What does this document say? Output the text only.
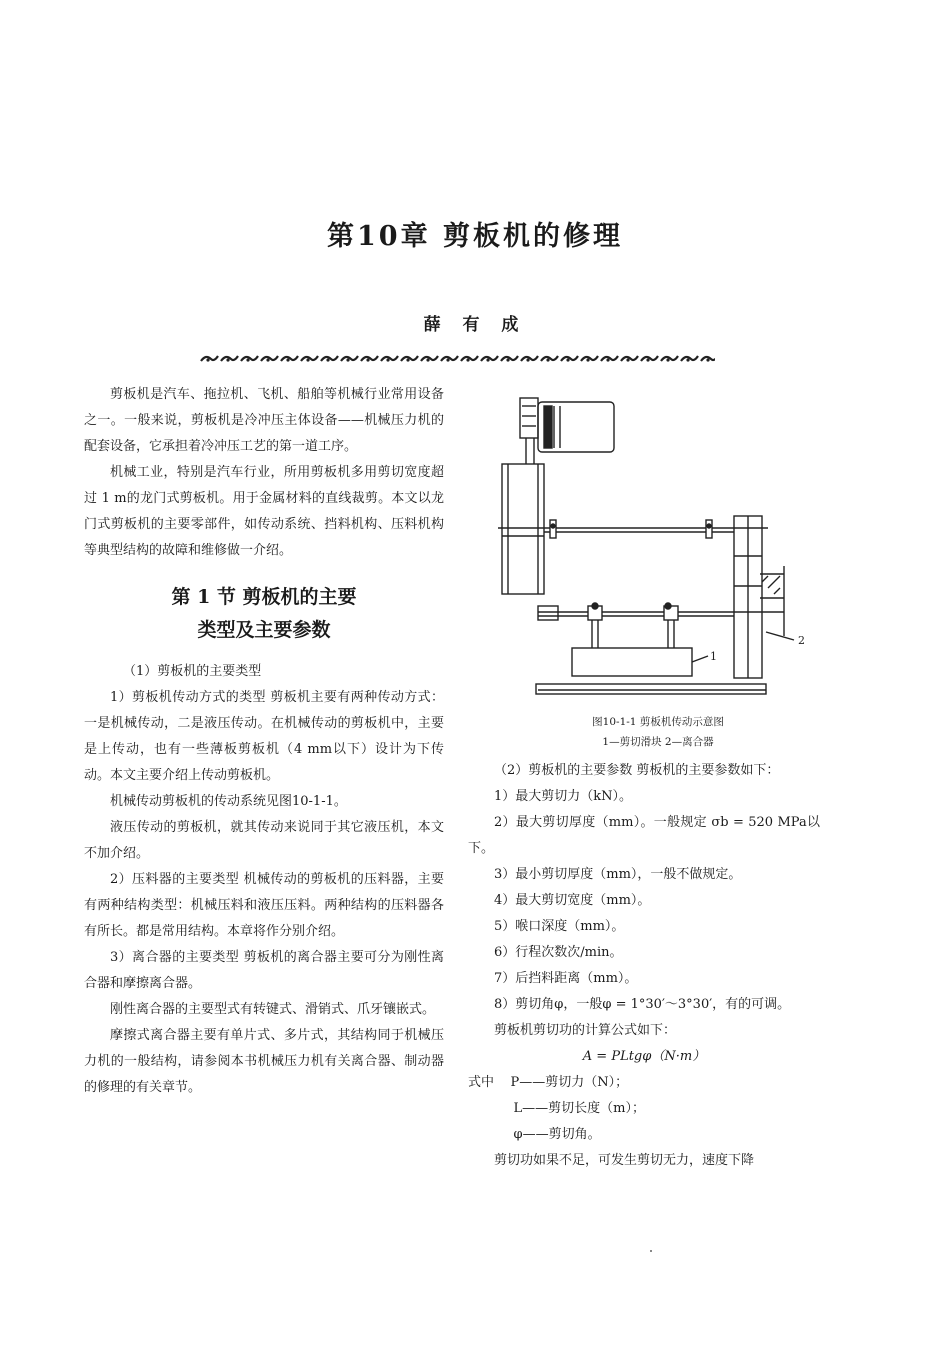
第10章 剪板机的修理
薛 有 成

剪板机是汽车、拖拉机、飞机、船舶等机械行业常用设备之一。一般来说，剪板机是冷冲压主体设备——机械压力机的配套设备，它承担着冷冲压工艺的第一道工序。

机械工业，特别是汽车行业，所用剪板机多用剪切宽度超过 1 m的龙门式剪板机。用于金属材料的直线裁剪。本文以龙门式剪板机的主要零部件，如传动系统、挡料机构、压料机构等典型结构的故障和维修做一介绍。

第 1 节 剪板机的主要
类型及主要参数

（1）剪板机的主要类型

1）剪板机传动方式的类型 剪板机主要有两种传动方式：一是机械传动，二是液压传动。在机械传动的剪板机中，主要是上传动，也有一些薄板剪板机（4 mm以下）设计为下传动。本文主要介绍上传动剪板机。

机械传动剪板机的传动系统见图10-1-1。

液压传动的剪板机，就其传动来说同于其它液压机，本文不加介绍。

2）压料器的主要类型 机械传动的剪板机的压料器，主要有两种结构类型：机械压料和液压压料。两种结构的压料器各有所长。都是常用结构。本章将作分别介绍。

3）离合器的主要类型 剪板机的离合器主要可分为刚性离合器和摩擦离合器。

刚性离合器的主要型式有转键式、滑销式、爪牙镶嵌式。

摩擦式离合器主要有单片式、多片式，其结构同于机械压力机的一般结构，请参阅本书机械压力机有关离合器、制动器的修理的有关章节。

1
2

图10-1-1 剪板机传动示意图

1—剪切滑块 2—离合器

（2）剪板机的主要参数 剪板机的主要参数如下：

1）最大剪切力（kN）。

2）最大剪切厚度（mm）。一般规定 σb = 520 MPa以下。

3）最小剪切厚度（mm），一般不做规定。

4）最大剪切宽度（mm）。

5）喉口深度（mm）。

6）行程次数次/min。

7）后挡料距离（mm）。

8）剪切角φ，一般φ = 1°30′～3°30′，有的可调。

剪板机剪切功的计算公式如下：

A = PLtgφ（N·m）

式中 P——剪切力（N）；

L——剪切长度（m）；

φ——剪切角。

剪切功如果不足，可发生剪切无力，速度下降
